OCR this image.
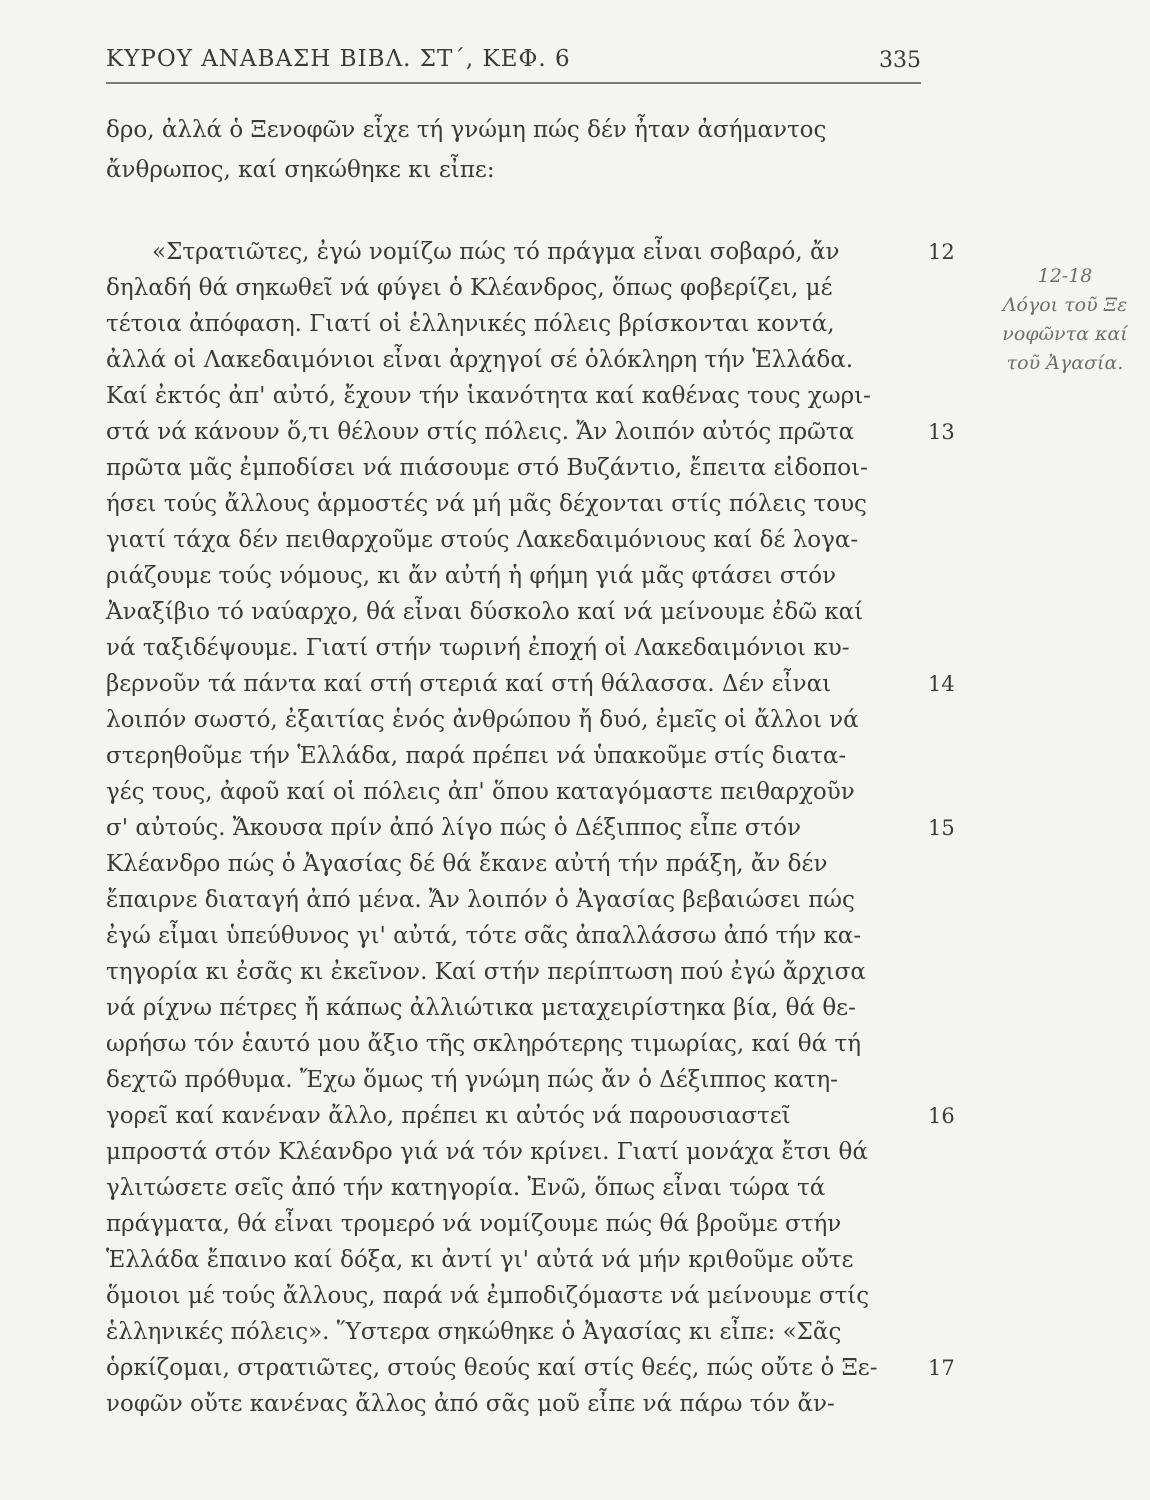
ΚΥΡΟΥ ΑΝΑΒΑΣΗ ΒΙΒΛ. ΣΤ΄, ΚΕΦ. 6	335
δρο, ἀλλά ὁ Ξενοφῶν εἶχε τή γνώμη πώς δέν ἦταν ἀσήμαντος
ἄνθρωπος, καί σηκώθηκε κι εἶπε:
«Στρατιῶτες, ἐγώ νομίζω πώς τό πράγμα εἶναι σοβαρό, ἄν
δηλαδή θά σηκωθεῖ νά φύγει ὁ Κλέανδρος, ὅπως φοβερίζει, μέ
τέτοια ἀπόφαση. Γιατί οἱ ἑλληνικές πόλεις βρίσκονται κοντά,
ἀλλά οἱ Λακεδαιμόνιοι εἶναι ἀρχηγοί σέ ὁλόκληρη τήν Ἑλλάδα.
Καί ἐκτός ἀπ' αὐτό, ἔχουν τήν ἱκανότητα καί καθένας τους χωρι-
στά νά κάνουν ὅ,τι θέλουν στίς πόλεις. Ἄν λοιπόν αὐτός πρῶτα
πρῶτα μᾶς ἐμποδίσει νά πιάσουμε στό Βυζάντιο, ἔπειτα εἰδοποι-
ήσει τούς ἄλλους ἁρμοστές νά μή μᾶς δέχονται στίς πόλεις τους
γιατί τάχα δέν πειθαρχοῦμε στούς Λακεδαιμόνιους καί δέ λογα-
ριάζουμε τούς νόμους, κι ἄν αὐτή ἡ φήμη γιά μᾶς φτάσει στόν
Ἀναξίβιο τό ναύαρχο, θά εἶναι δύσκολο καί νά μείνουμε ἐδῶ καί
νά ταξιδέψουμε. Γιατί στήν τωρινή ἐποχή οἱ Λακεδαιμόνιοι κυ-
βερνοῦν τά πάντα καί στή στεριά καί στή θάλασσα. Δέν εἶναι
λοιπόν σωστό, ἐξαιτίας ἑνός ἀνθρώπου ἤ δυό, ἐμεῖς οἱ ἄλλοι νά
στερηθοῦμε τήν Ἑλλάδα, παρά πρέπει νά ὑπακοῦμε στίς διατα-
γές τους, ἀφοῦ καί οἱ πόλεις ἀπ' ὅπου καταγόμαστε πειθαρχοῦν
σ' αὐτούς. Ἄκουσα πρίν ἀπό λίγο πώς ὁ Δέξιππος εἶπε στόν
Κλέανδρο πώς ὁ Ἀγασίας δέ θά ἔκανε αὐτή τήν πράξη, ἄν δέν
ἔπαιρνε διαταγή ἀπό μένα. Ἄν λοιπόν ὁ Ἀγασίας βεβαιώσει πώς
ἐγώ εἶμαι ὑπεύθυνος γι' αὐτά, τότε σᾶς ἀπαλλάσσω ἀπό τήν κα-
τηγορία κι ἐσᾶς κι ἐκεῖνον. Καί στήν περίπτωση πού ἐγώ ἄρχισα
νά ρίχνω πέτρες ἤ κάπως ἀλλιώτικα μεταχειρίστηκα βία, θά θε-
ωρήσω τόν ἑαυτό μου ἄξιο τῆς σκληρότερης τιμωρίας, καί θά τή
δεχτῶ πρόθυμα. Ἔχω ὅμως τή γνώμη πώς ἄν ὁ Δέξιππος κατη-
γορεῖ καί κανέναν ἄλλο, πρέπει κι αὐτός νά παρουσιαστεῖ
μπροστά στόν Κλέανδρο γιά νά τόν κρίνει. Γιατί μονάχα ἔτσι θά
γλιτώσετε σεῖς ἀπό τήν κατηγορία. Ἐνῶ, ὅπως εἶναι τώρα τά
πράγματα, θά εἶναι τρομερό νά νομίζουμε πώς θά βροῦμε στήν
Ἑλλάδα ἔπαινο καί δόξα, κι ἀντί γι' αὐτά νά μήν κριθοῦμε οὔτε
ὅμοιοι μέ τούς ἄλλους, παρά νά ἐμποδιζόμαστε νά μείνουμε στίς
ἑλληνικές πόλεις». Ὕστερα σηκώθηκε ὁ Ἀγασίας κι εἶπε: «Σᾶς
ὁρκίζομαι, στρατιῶτες, στούς θεούς καί στίς θεές, πώς οὔτε ὁ Ξε-
νοφῶν οὔτε κανένας ἄλλος ἀπό σᾶς μοῦ εἶπε νά πάρω τόν ἄν-
12
13
14
15
16
17
12-18
Λόγοι τοῦ Ξε
νοφῶντα καί
τοῦ Ἀγασία.
